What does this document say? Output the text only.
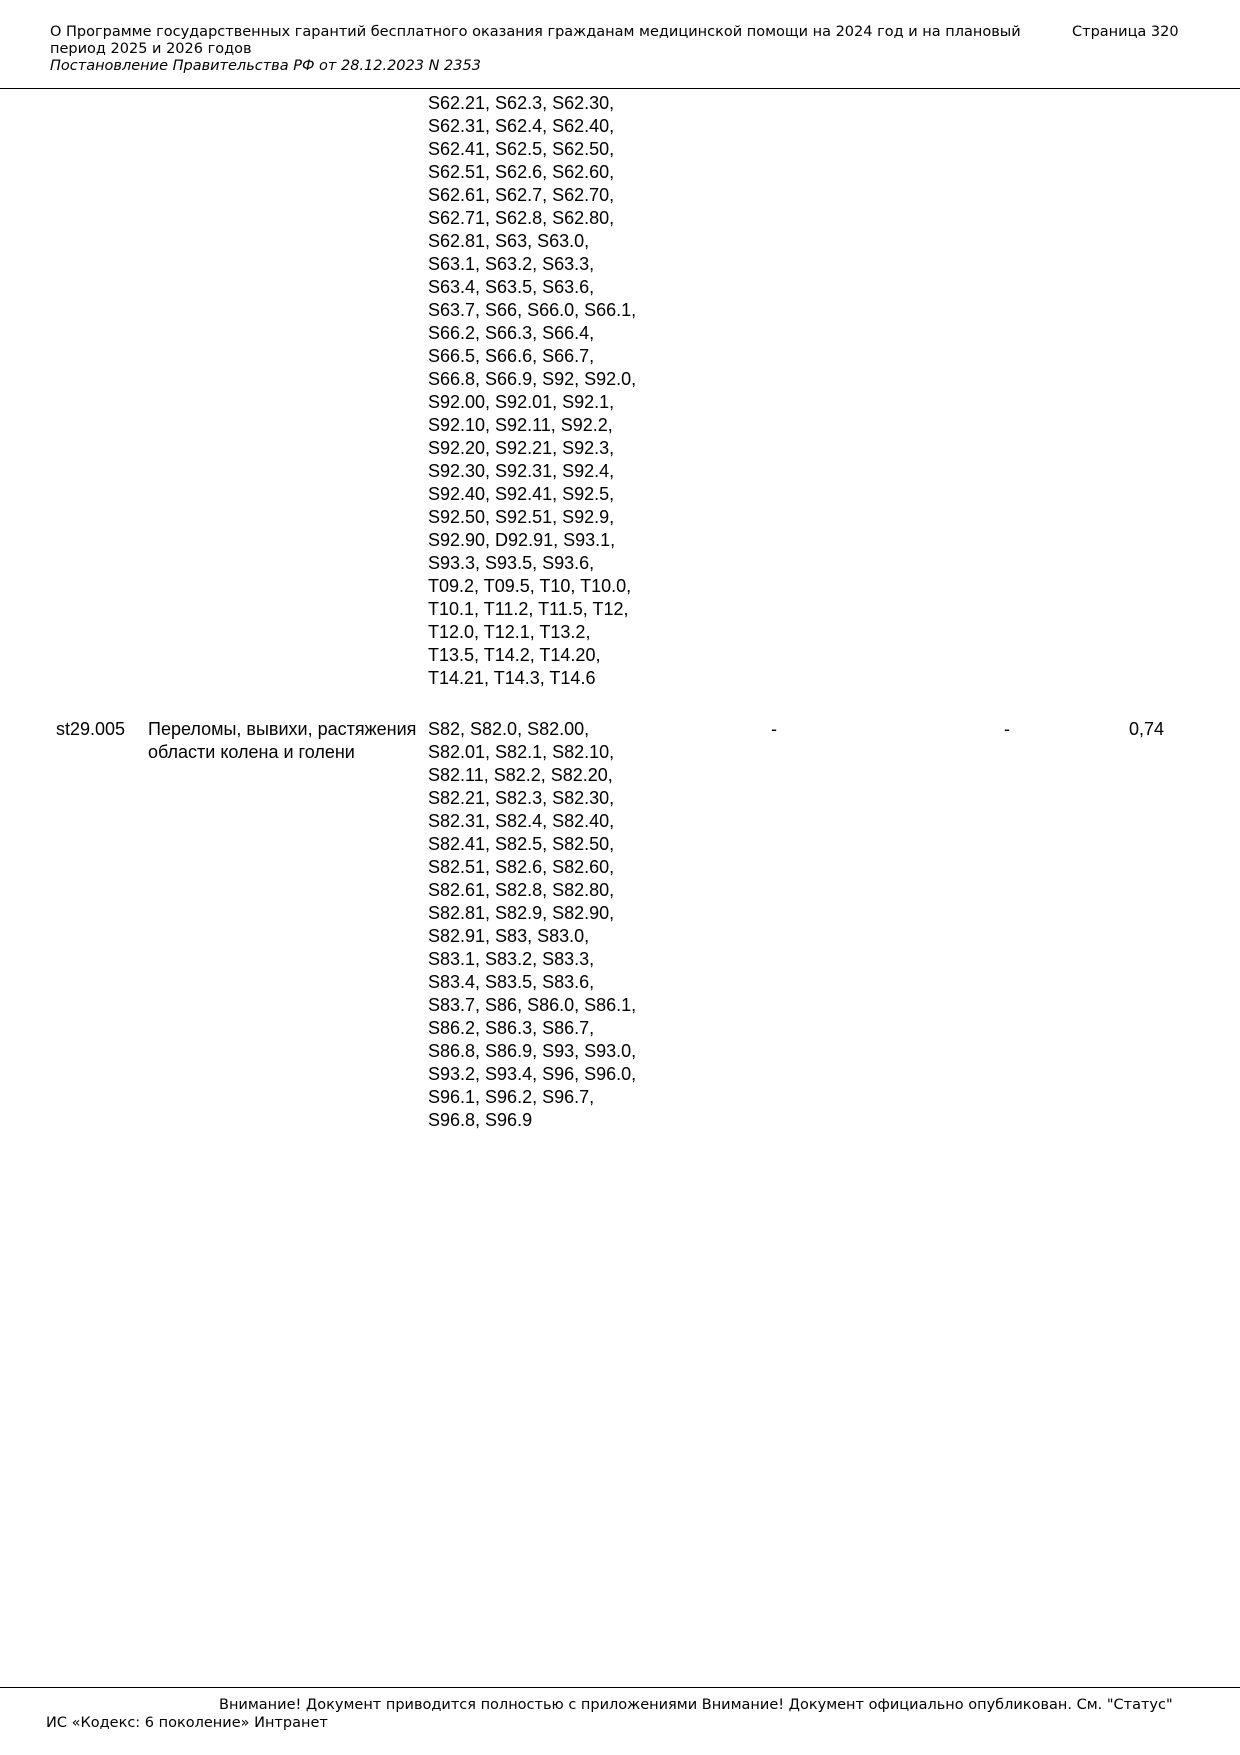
О Программе государственных гарантий бесплатного оказания гражданам медицинской помощи на 2024 год и на плановый период 2025 и 2026 годов
Страница 320
Постановление Правительства РФ от 28.12.2023 N 2353
S62.21, S62.3, S62.30,
S62.31, S62.4, S62.40,
S62.41, S62.5, S62.50,
S62.51, S62.6, S62.60,
S62.61, S62.7, S62.70,
S62.71, S62.8, S62.80,
S62.81, S63, S63.0,
S63.1, S63.2, S63.3,
S63.4, S63.5, S63.6,
S63.7, S66, S66.0, S66.1,
S66.2, S66.3, S66.4,
S66.5, S66.6, S66.7,
S66.8, S66.9, S92, S92.0,
S92.00, S92.01, S92.1,
S92.10, S92.11, S92.2,
S92.20, S92.21, S92.3,
S92.30, S92.31, S92.4,
S92.40, S92.41, S92.5,
S92.50, S92.51, S92.9,
S92.90, D92.91, S93.1,
S93.3, S93.5, S93.6,
T09.2, T09.5, T10, T10.0,
T10.1, T11.2, T11.5, T12,
T12.0, T12.1, T13.2,
T13.5, T14.2, T14.20,
T14.21, T14.3, T14.6
st29.005 Переломы, вывихи, растяжения области колена и голени
S82, S82.0, S82.00,
S82.01, S82.1, S82.10,
S82.11, S82.2, S82.20,
S82.21, S82.3, S82.30,
S82.31, S82.4, S82.40,
S82.41, S82.5, S82.50,
S82.51, S82.6, S82.60,
S82.61, S82.8, S82.80,
S82.81, S82.9, S82.90,
S82.91, S83, S83.0,
S83.1, S83.2, S83.3,
S83.4, S83.5, S83.6,
S83.7, S86, S86.0, S86.1,
S86.2, S86.3, S86.7,
S86.8, S86.9, S93, S93.0,
S93.2, S93.4, S96, S96.0,
S96.1, S96.2, S96.7,
S96.8, S96.9
-	-	0,74
Внимание! Документ приводится полностью с приложениями Внимание! Документ официально опубликован. См. "Статус"
ИС «Кодекс: 6 поколение» Интранет
